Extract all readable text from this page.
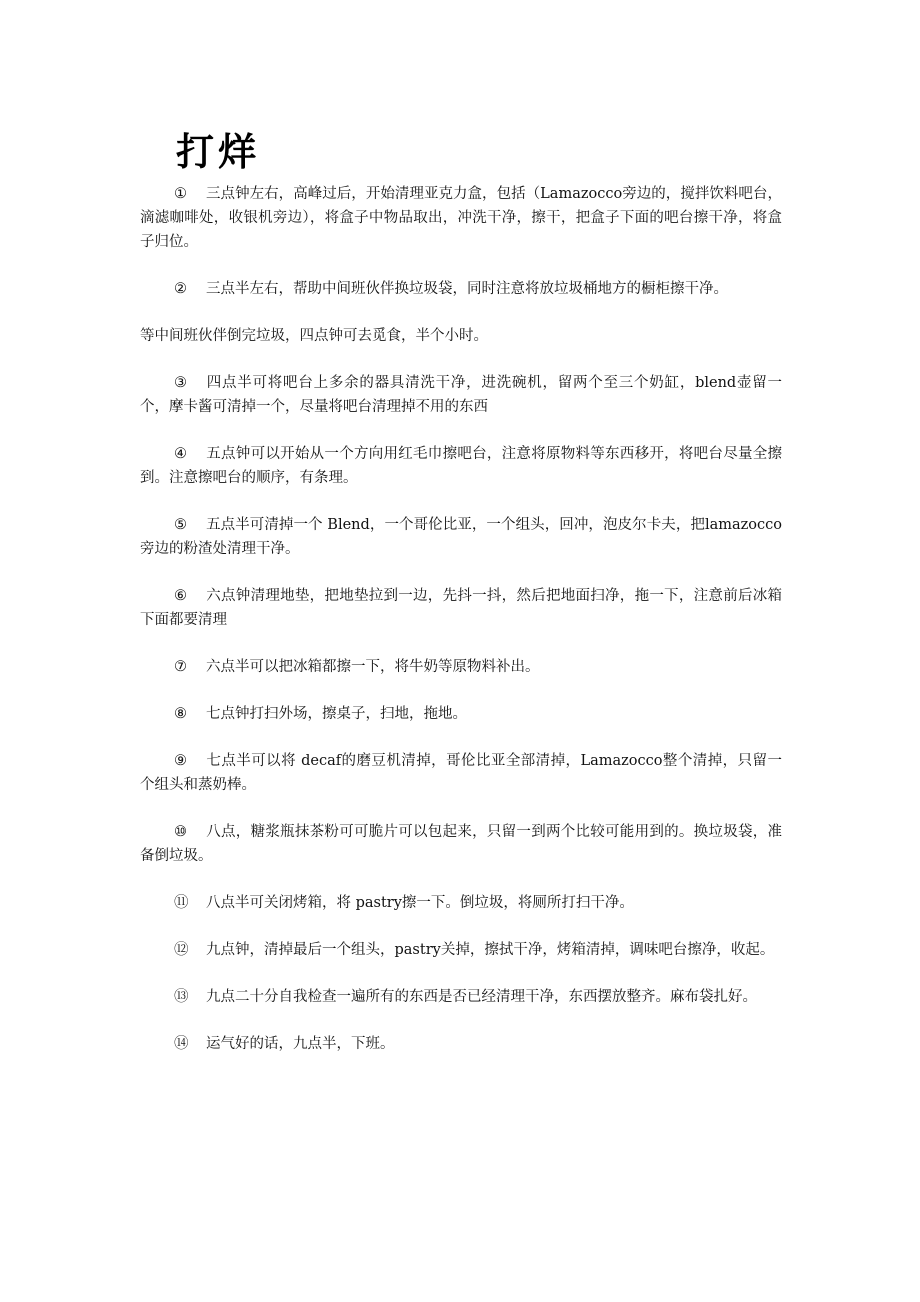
打烊

① 三点钟左右，高峰过后，开始清理亚克力盒，包括（Lamazocco旁边的，搅拌饮料吧台，滴滤咖啡处，收银机旁边），将盒子中物品取出，冲洗干净，擦干，把盒子下面的吧台擦干净，将盒子归位。

② 三点半左右，帮助中间班伙伴换垃圾袋，同时注意将放垃圾桶地方的橱柜擦干净。

等中间班伙伴倒完垃圾，四点钟可去觅食，半个小时。

③ 四点半可将吧台上多余的器具清洗干净，进洗碗机，留两个至三个奶缸，blend壶留一个，摩卡酱可清掉一个，尽量将吧台清理掉不用的东西

④ 五点钟可以开始从一个方向用红毛巾擦吧台，注意将原物料等东西移开，将吧台尽量全擦到。注意擦吧台的顺序，有条理。

⑤ 五点半可清掉一个 Blend，一个哥伦比亚，一个组头，回冲，泡皮尔卡夫，把lamazocco旁边的粉渣处清理干净。

⑥ 六点钟清理地垫，把地垫拉到一边，先抖一抖，然后把地面扫净，拖一下，注意前后冰箱下面都要清理

⑦ 六点半可以把冰箱都擦一下，将牛奶等原物料补出。

⑧ 七点钟打扫外场，擦桌子，扫地，拖地。

⑨ 七点半可以将 decaf的磨豆机清掉，哥伦比亚全部清掉，Lamazocco整个清掉，只留一个组头和蒸奶棒。

⑩ 八点，糖浆瓶抹茶粉可可脆片可以包起来，只留一到两个比较可能用到的。换垃圾袋，准备倒垃圾。

⑪ 八点半可关闭烤箱，将 pastry擦一下。倒垃圾，将厕所打扫干净。

⑫ 九点钟，清掉最后一个组头，pastry关掉，擦拭干净，烤箱清掉，调味吧台擦净，收起。

⑬ 九点二十分自我检查一遍所有的东西是否已经清理干净，东西摆放整齐。麻布袋扎好。

⑭ 运气好的话，九点半，下班。
